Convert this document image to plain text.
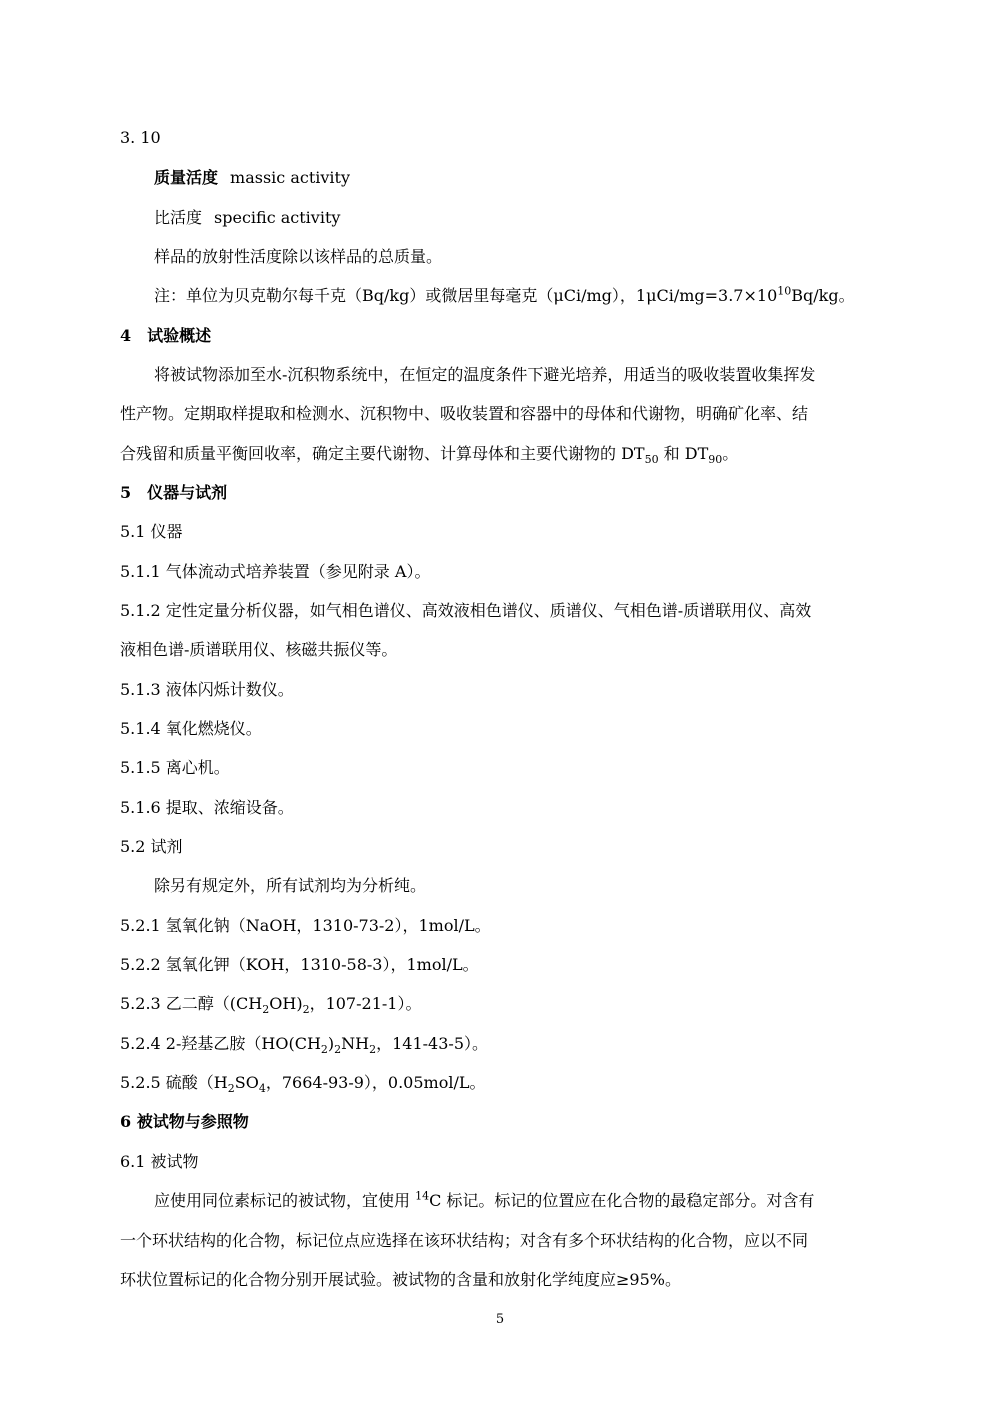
3. 10
质量活度 massic activity
比活度 specific activity
样品的放射性活度除以该样品的总质量。
注：单位为贝克勒尔每千克（Bq/kg）或微居里每毫克（μCi/mg），$1\mu Ci/mg=3.7\times 10^{10}Bq/kg$。
4　试验概述
将被试物添加至水-沉积物系统中，在恒定的温度条件下避光培养，用适当的吸收装置收集挥发
性产物。定期取样提取和检测水、沉积物中、吸收装置和容器中的母体和代谢物，明确矿化率、结
合残留和质量平衡回收率，确定主要代谢物、计算母体和主要代谢物的 $DT_{50}$ 和 $DT_{90}$。
5　仪器与试剂
5.1 仪器
5.1.1 气体流动式培养装置（参见附录 A）。
5.1.2 定性定量分析仪器，如气相色谱仪、高效液相色谱仪、质谱仪、气相色谱-质谱联用仪、高效
液相色谱-质谱联用仪、核磁共振仪等。
5.1.3 液体闪烁计数仪。
5.1.4 氧化燃烧仪。
5.1.5 离心机。
5.1.6 提取、浓缩设备。
5.2 试剂
除另有规定外，所有试剂均为分析纯。
5.2.1 氢氧化钠（NaOH，1310-73-2），1mol/L。
5.2.2 氢氧化钾（KOH，1310-58-3），1mol/L。
5.2.3 乙二醇（$(CH_2OH)_2$，107-21-1）。
5.2.4 2-羟基乙胺（$HO(CH_2)_2NH_2$，141-43-5）。
5.2.5 硫酸（$H_2SO_4$，7664-93-9），0.05mol/L。
6 被试物与参照物
6.1 被试物
应使用同位素标记的被试物，宜使用 $^{14}$C 标记。标记的位置应在化合物的最稳定部分。对含有
一个环状结构的化合物，标记位点应选择在该环状结构；对含有多个环状结构的化合物，应以不同
环状位置标记的化合物分别开展试验。被试物的含量和放射化学纯度应≥95%。
5
